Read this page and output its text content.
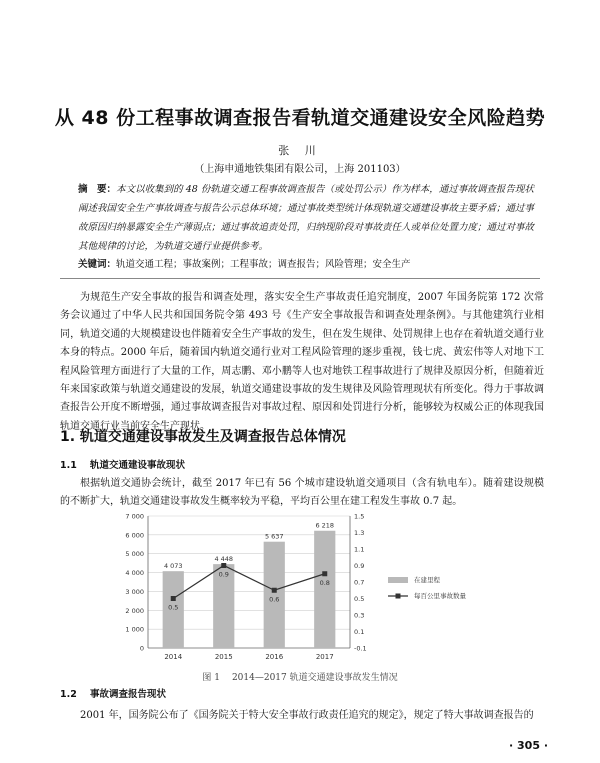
从 48 份工程事故调查报告看轨道交通建设安全风险趋势
张 川
（上海申通地铁集团有限公司，上海 201103）
摘　要：本文以收集到的 48 份轨道交通工程事故调查报告（或处罚公示）作为样本，通过事故调查报告现状阐述我国安全生产事故调查与报告公示总体环境；通过事故类型统计体现轨道交通建设事故主要矛盾；通过事故原因归纳暴露安全生产薄弱点；通过事故追责处罚，归纳现阶段对事故责任人或单位处置力度；通过对事故其他规律的讨论，为轨道交通行业提供参考。
关键词：轨道交通工程；事故案例；工程事故；调查报告；风险管理；安全生产
为规范生产安全事故的报告和调查处理，落实安全生产事故责任追究制度，2007 年国务院第 172 次常务会议通过了中华人民共和国国务院令第 493 号《生产安全事故报告和调查处理条例》。与其他建筑行业相同，轨道交通的大规模建设也伴随着安全生产事故的发生，但在发生规律、处罚规律上也存在着轨道交通行业本身的特点。2000 年后，随着国内轨道交通行业对工程风险管理的逐步重视，钱七虎、黄宏伟等人对地下工程风险管理方面进行了大量的工作，周志鹏、邓小鹏等人也对地铁工程事故进行了规律及原因分析，但随着近年来国家政策与轨道交通建设的发展，轨道交通建设事故的发生规律及风险管理现状有所变化。得力于事故调查报告公开度不断增强，通过事故调查报告对事故过程、原因和处罚进行分析，能够较为权威公正的体现我国轨道交通行业当前安全生产现状。
1. 轨道交通建设事故发生及调查报告总体情况
1.1 轨道交通建设事故现状
根据轨道交通协会统计，截至 2017 年已有 56 个城市建设轨道交通项目（含有轨电车）。随着建设规模的不断扩大，轨道交通建设事故发生概率较为平稳，平均百公里在建工程发生事故 0.7 起。
0
1 000
2 000
3 000
4 000
5 000
6 000
7 000
-0.1
0.1
0.3
0.5
0.7
0.9
1.1
1.3
1.5
4 073
2014
4 448
2015
5 637
2016
6 218
2017
0.5
0.9
0.6
0.8	在建里程
每百公里事故数量
图 1 2014—2017 轨道交通建设事故发生情况
1.2 事故调查报告现状
2001 年，国务院公布了《国务院关于特大安全事故行政责任追究的规定》，规定了特大事故调查报告的
· 305 ·
